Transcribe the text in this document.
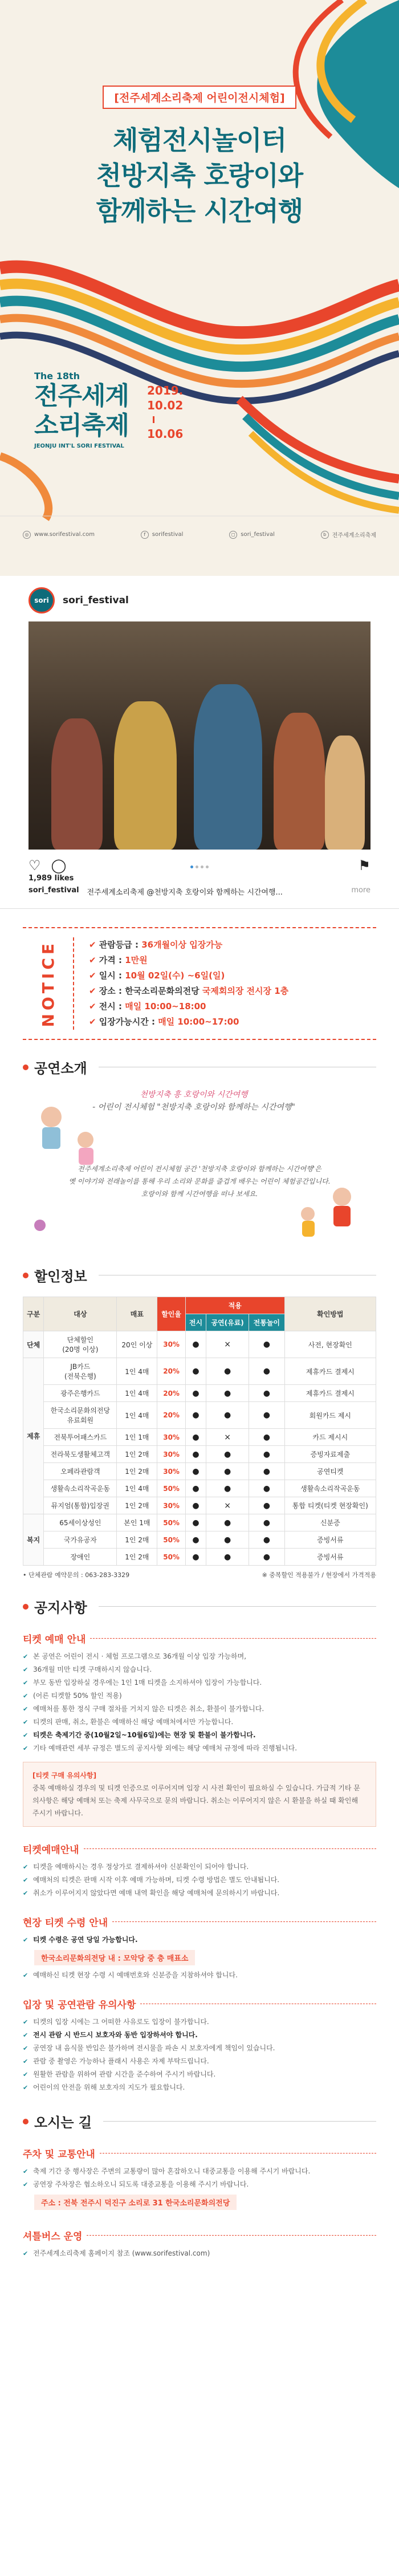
[전주세계소리축제 어린이전시체험]
체험전시놀이터
천방지축 호랑이와
함께하는 시간여행
The 18th
전주세계
소리축제
JEONJU INT'L SORI FESTIVAL
2019.
10.02
10.06
◎ www.sorifestival.com	f	sorifestival	◻ sori_festival	b	전주세계소리축제
sori	sori_festival
♡ ◯	⚑
1,989 likes
sori_festival 전주세계소리축제 @천방지축 호랑이와 함께하는 시간여행...	more
NOTICE	✔ 관람등급 : 36개월이상 입장가능
✔ 가격 : 1만원
✔ 일시 : 10월 02일(수) ~6일(일)
✔ 장소 : 한국소리문화의전당 국제회의장 전시장 1층
✔ 전시 : 매일 10:00~18:00
✔ 입장가능시간 : 매일 10:00~17:00
공연소개
천방지축 흥 호랑이와 시간여행
- 어린이 전시체험 "천방지축 호랑이와 함께하는 시간여행"
전주세계소리축제 어린이 전시체험 공간 '천방지축 호랑이와 함께하는 시간여행'은
옛 이야기와 전래놀이를 통해 우리 소리와 문화를 즐겁게 배우는 어린이 체험공간입니다.
호랑이와 함께 시간여행을 떠나 보세요.
할인정보
구분	대상	매표	할인율	적용			확인방법
				전시	공연(유료)	전통놀이	
단체	단체할인
(20명 이상)	20인 이상	30%	●	×	●	사전, 현장확인
제휴	JB카드
(전북은행)	1인 4매	20%	●	●	●	제휴카드 결제시
	광주은행카드	1인 4매	20%	●	●	●	제휴카드 결제시
	한국소리문화의전당
유료회원	1인 4매	20%	●	●	●	회원카드 제시
	전북투어패스카드	1인 1매	30%	●	×	●	카드 제시시
	전라북도생활체고객	1인 2매	30%	●	●	●	증빙자료제출
	오페라관람객	1인 2매	30%	●	●	●	공연티켓
	생활속소리작곡운동	1인 4매	50%	●	●	●	생활속소리작곡운동
	뮤지엄(통합)입장권	1인 2매	30%	●	×	●	통합 티켓(티켓 현장확인)
복지	65세이상성인	본인 1매	50%	●	●	●	신분증
	국가유공자	1인 2매	50%	●	●	●	증빙서류
	장애인	1인 2매	50%	●	●	●	증빙서류
• 단체관람 예약문의 : 063-283-3329	※ 중복할인 적용불가 / 현장에서 가격적용
공지사항
티켓 예매 안내
✔ 본 공연은 어린이 전시 · 체험 프로그램으로 36개월 이상 입장 가능하며,
✔ 36개월 미만 티켓 구매하시지 않습니다.
✔ 부모 동반 입장하실 경우에는 1인 1매 티켓을 소지하셔야 입장이 가능합니다.
✔ (어른 티켓할 50% 할인 적용)
✔ 예매처를 통한 정식 구매 절차를 거치지 않은 티켓은 취소, 환불이 불가합니다.
✔ 티켓의 판매, 취소, 환불은 예매하신 해당 예매처에서만 가능합니다.
✔ 티켓은 축제기간 중(10월2일~10월6일)에는 현장 및 환불이 불가합니다.
✔ 기타 예매관련 세부 규정은 별도의 공지사항 외에는 해당 예매처 규정에 따라 진행됩니다.
[티켓 구매 유의사항]
중복 예매하실 경우의 및 티켓 인증으로 이루어지며 입장 시 사전 확인이 필요하실 수 있습니다. 가급적 기타 문의사항은 해당 예매처 또는 축제 사무국으로 문의 바랍니다. 취소는 이루어지지 않은 시 환불을 하실 때 확인해 주시기 바랍니다.
티켓예매안내
✔ 티켓을 예매하시는 경우 정상가로 결제하셔야 신분확인이 되어야 합니다.
✔ 예매처의 티켓은 판매 시작 이후 예매 가능하며, 티켓 수령 방법은 별도 안내됩니다.
✔ 취소가 이루어지지 않았다면 예매 내역 확인을 해당 예매처에 문의하시기 바랍니다.
현장 티켓 수령 안내
✔ 티켓 수령은 공연 당일 가능합니다.
한국소리문화의전당 내 : 모악당 중 층 매표소
✔ 예매하신 티켓 현장 수령 시 예매번호와 신분증을 지참하셔야 합니다.
입장 및 공연관람 유의사항
✔ 티켓의 입장 시에는 그 어떠한 사유로도 입장이 불가합니다.
✔ 전시 관람 시 반드시 보호자와 동반 입장하셔야 합니다.
✔ 공연장 내 음식물 반입은 불가하며 전시물을 파손 시 보호자에게 책임이 있습니다.
✔ 관람 중 촬영은 가능하나 플래시 사용은 자제 부탁드립니다.
✔ 원활한 관람을 위하여 관람 시간을 준수하여 주시기 바랍니다.
✔ 어린이의 안전을 위해 보호자의 지도가 필요합니다.
오시는 길
주차 및 교통안내
✔ 축제 기간 중 행사장은 주변의 교통량이 많아 혼잡하오니 대중교통을 이용해 주시기 바랍니다.
✔ 공연장 주차장은 협소하오니 되도록 대중교통을 이용해 주시기 바랍니다.
주소 : 전북 전주시 덕진구 소리로 31 한국소리문화의전당
셔틀버스 운영
✔ 전주세계소리축제 홈페이지 참조 (www.sorifestival.com)
